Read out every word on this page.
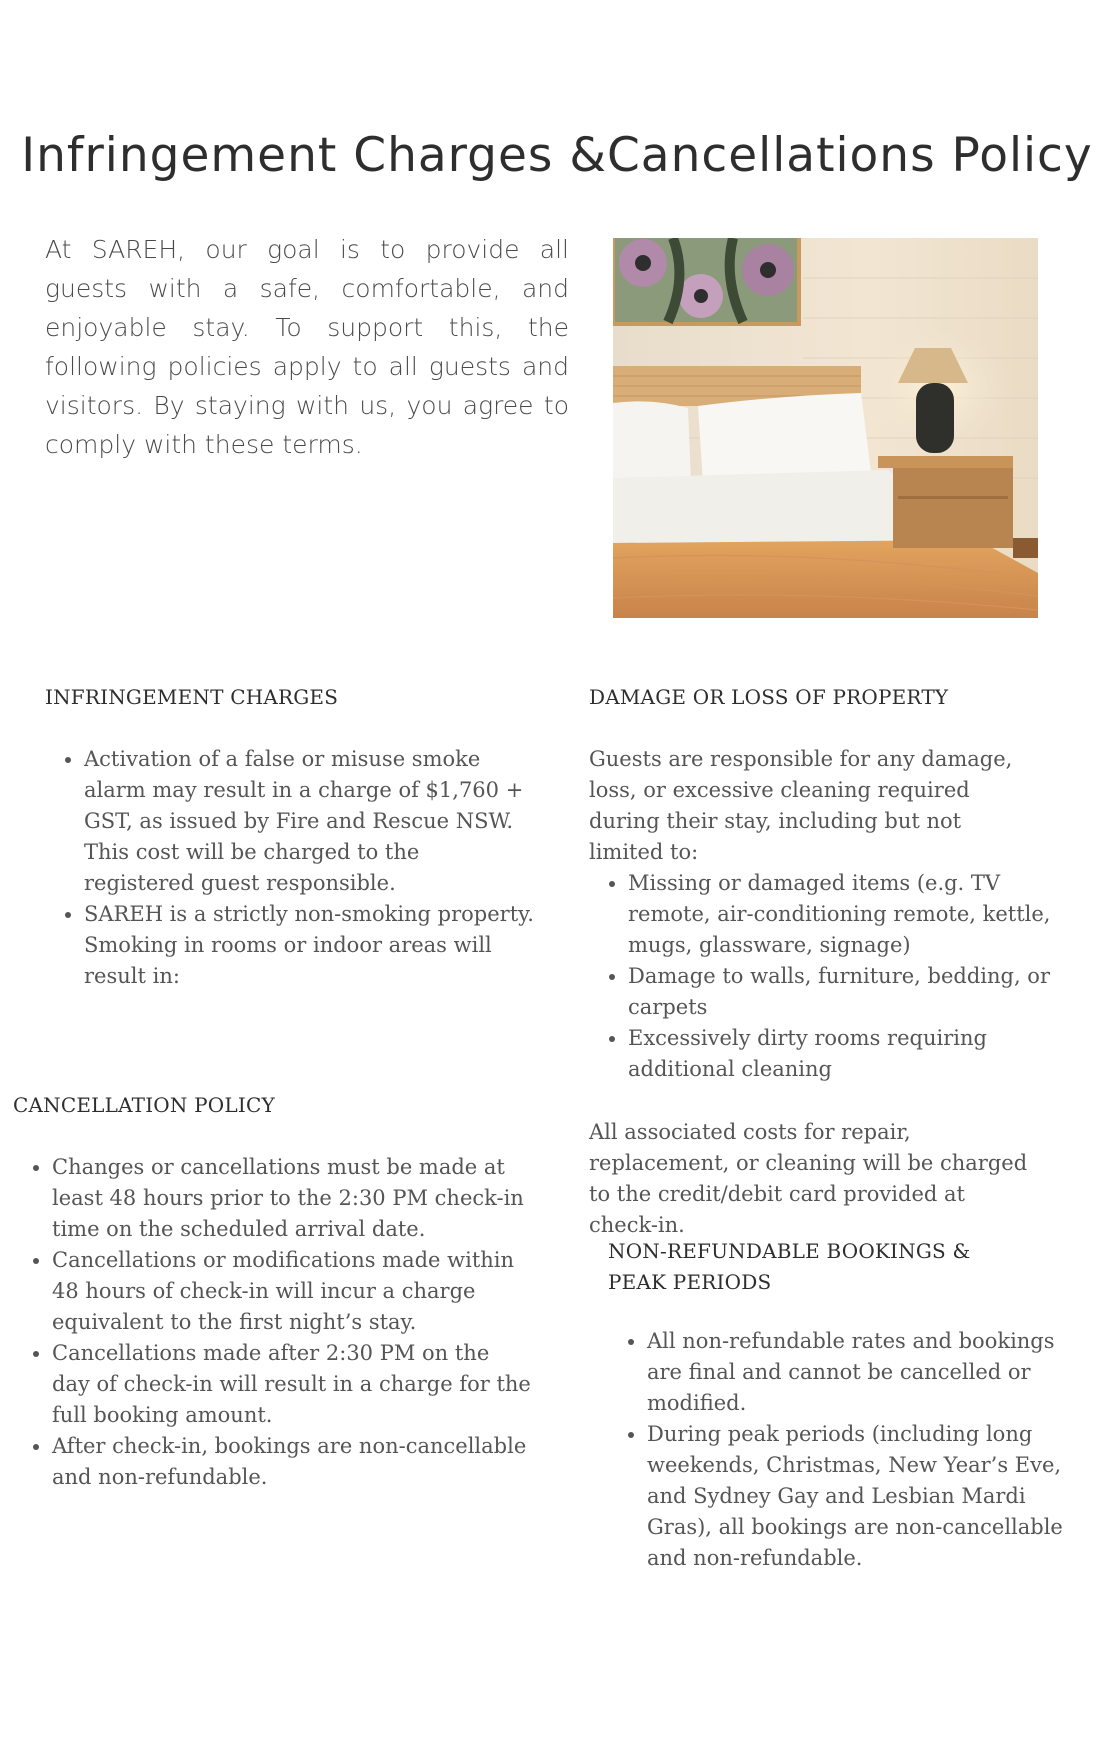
Infringement Charges &Cancellations Policy

At SAREH, our goal is to provide all guests with a safe, comfortable, and enjoyable stay. To support this, the following policies apply to all guests and visitors. By staying with us, you agree to comply with these terms.

INFRINGEMENT CHARGES
• Activation of a false or misuse smoke alarm may result in a charge of $1,760 + GST, as issued by Fire and Rescue NSW. This cost will be charged to the registered guest responsible.
• SAREH is a strictly non-smoking property. Smoking in rooms or indoor areas will result in:
CANCELLATION POLICY
• Changes or cancellations must be made at least 48 hours prior to the 2:30 PM check-in time on the scheduled arrival date.
• Cancellations or modifications made within 48 hours of check-in will incur a charge equivalent to the first night’s stay.
• Cancellations made after 2:30 PM on the day of check-in will result in a charge for the full booking amount.
• After check-in, bookings are non-cancellable and non-refundable.
DAMAGE OR LOSS OF PROPERTY

Guests are responsible for any damage, loss, or excessive cleaning required during their stay, including but not limited to:

• Missing or damaged items (e.g. TV remote, air-conditioning remote, kettle, mugs, glassware, signage)
• Damage to walls, furniture, bedding, or carpets
• Excessively dirty rooms requiring additional cleaning

All associated costs for repair, replacement, or cleaning will be charged to the credit/debit card provided at check-in.

NON-REFUNDABLE BOOKINGS &
PEAK PERIODS
• All non-refundable rates and bookings are final and cannot be cancelled or modified.
• During peak periods (including long weekends, Christmas, New Year’s Eve, and Sydney Gay and Lesbian Mardi Gras), all bookings are non-cancellable and non-refundable.
